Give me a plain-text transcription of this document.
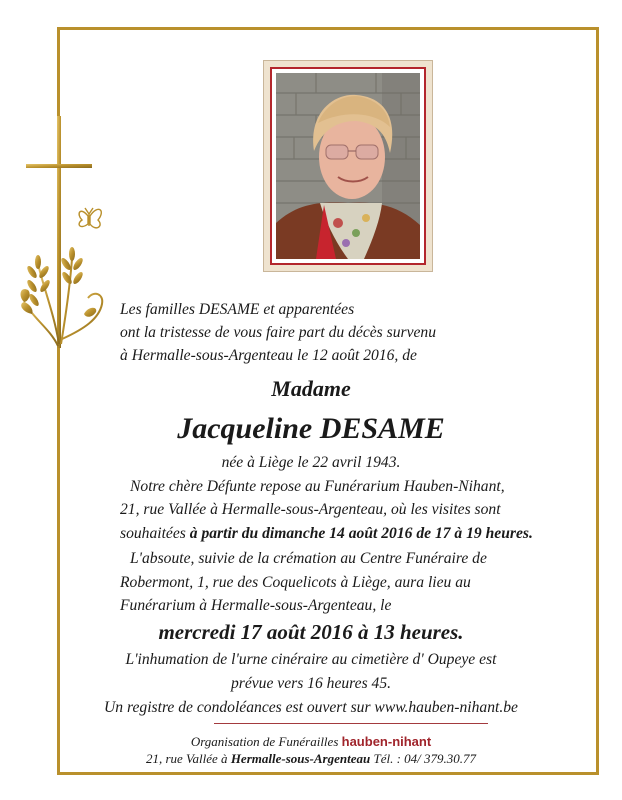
Les familles DESAME et apparentées
ont la tristesse de vous faire part du décès survenu
à Hermalle-sous-Argenteau le 12 août 2016, de
Madame
Jacqueline DESAME
née à Liège le 22 avril 1943.
Notre chère Défunte repose au Funérarium Hauben-Nihant,
21, rue Vallée à Hermalle-sous-Argenteau, où les visites sont
souhaitées à partir du dimanche 14 août 2016 de 17 à 19 heures.
L'absoute, suivie de la crémation au Centre Funéraire de
Robermont, 1, rue des Coquelicots à Liège, aura lieu au
Funérarium à Hermalle-sous-Argenteau, le
mercredi 17 août 2016 à 13 heures.
L'inhumation de l'urne cinéraire au cimetière d' Oupeye est
prévue vers 16 heures 45.
Un registre de condoléances est ouvert sur www.hauben-nihant.be
Organisation de Funérailles hauben-nihant
21, rue Vallée à Hermalle-sous-Argenteau Tél. : 04/ 379.30.77
